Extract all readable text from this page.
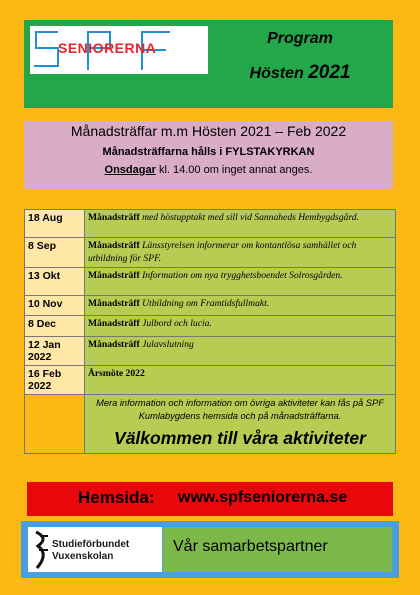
SENIORERNA
Program
Hösten 2021
Månadsträffar m.m Hösten 2021 – Feb 2022
Månadsträffarna hålls i FYLSTAKYRKAN
Onsdagar kl. 14.00 om inget annat anges.
18 Aug	Månadsträff med höstupptakt med sill vid Sannaheds Hembygdsgård.
8 Sep	Månadsträff Länsstyrelsen informerar om kontantlösa samhället och utbildning för SPF.
13 Okt	Månadsträff Information om nya trygghetsboendet Solrosgården.
10 Nov	Månadsträff Utbildning om Framtidsfullmakt.
8 Dec	Månadsträff Julbord och lucia.
12 Jan 2022	Månadsträff Julavslutning
16 Feb 2022	Årsmöte 2022

	Mera information och information om övriga aktiviteter kan fås på SPF Kumlabygdens hemsida och på månadsträffarna.
Välkommen till våra aktiviteter
Hemsida: www.spfseniorerna.se
Studieförbundet
Vuxenskolan
Vår samarbetspartner
